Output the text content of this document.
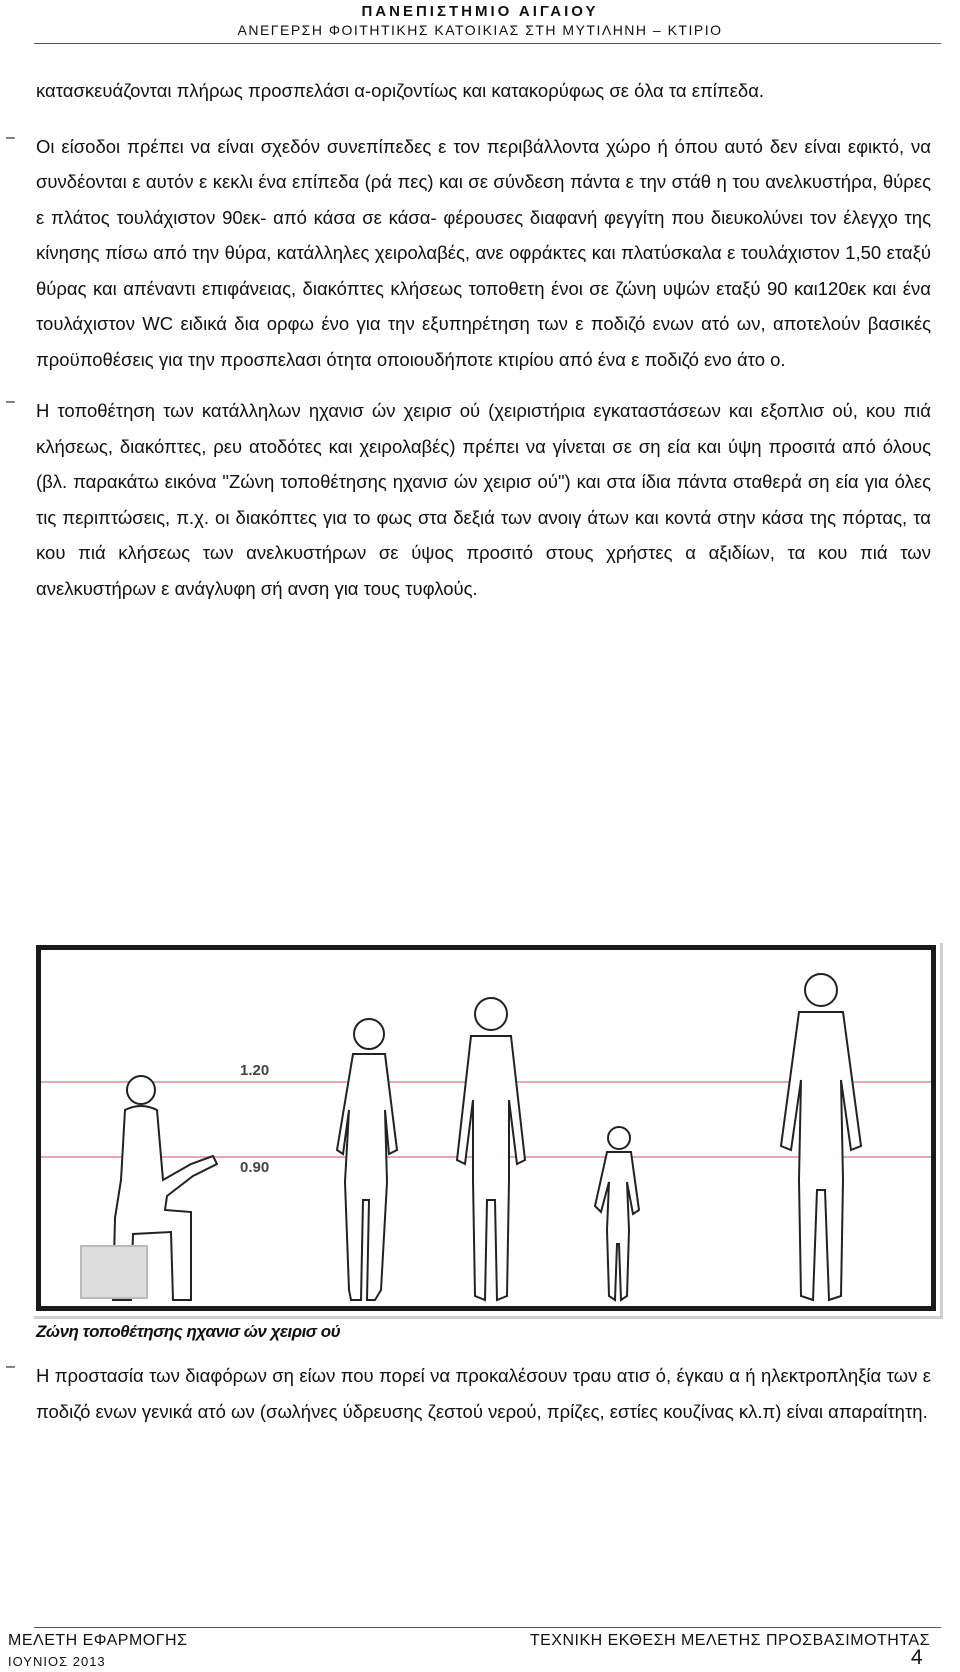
ΠΑΝΕΠΙΣΤΗΜΙΟ ΑΙΓΑΙΟΥ
ΑΝΕΓΕΡΣΗ ΦΟΙΤΗΤΙΚΗΣ ΚΑΤΟΙΚΙΑΣ ΣΤΗ ΜΥΤΙΛΗΝΗ – ΚΤΙΡΙΟ

κατασκευάζονται πλήρως προσπελάσι α-οριζοντίως και κατακορύφως σε όλα τα επίπεδα.

–	Οι είσοδοι πρέπει να είναι σχεδόν συνεπίπεδες ε τον περιβάλλοντα χώρο ή όπου αυτό δεν είναι εφικτό, να συνδέονται ε αυτόν ε κεκλι ένα επίπεδα (ρά πες) και σε σύνδεση πάντα ε την στάθ η του ανελκυστήρα, θύρες ε πλάτος τουλάχιστον 90εκ- από κάσα σε κάσα- φέρουσες διαφανή φεγγίτη που διευκολύνει τον έλεγχο της κίνησης πίσω από την θύρα, κατάλληλες χειρολαβές, ανε οφράκτες και πλατύσκαλα ε τουλάχιστον 1,50 εταξύ θύρας και απέναντι επιφάνειας, διακόπτες κλήσεως τοποθετη ένοι σε ζώνη υψών εταξύ 90 και120εκ και ένα τουλάχιστον WC ειδικά δια ορφω ένο για την εξυπηρέτηση των ε ποδιζό ενων ατό ων, αποτελούν βασικές προϋποθέσεις για την προσπελασι ότητα οποιουδήποτε κτιρίου από ένα ε ποδιζό ενο άτο ο.

–	Η τοποθέτηση των κατάλληλων ηχανισ ών χειρισ ού (χειριστήρια εγκαταστάσεων και εξοπλισ ού, κου πιά κλήσεως, διακόπτες, ρευ ατοδότες και χειρολαβές) πρέπει να γίνεται σε ση εία και ύψη προσιτά από όλους (βλ. παρακάτω εικόνα "Ζώνη τοποθέτησης ηχανισ ών χειρισ ού") και στα ίδια πάντα σταθερά ση εία για όλες τις περιπτώσεις, π.χ. οι διακόπτες για το φως στα δεξιά των ανοιγ άτων και κοντά στην κάσα της πόρτας, τα κου πιά κλήσεως των ανελκυστήρων σε ύψος προσιτό στους χρήστες α αξιδίων, τα κου πιά των ανελκυστήρων ε ανάγλυφη σή ανση για τους τυφλούς.

1.20
0.90
Ζώνη τοποθέτησης ηχανισ ών χειρισ ού
–	Η προστασία των διαφόρων ση είων που πορεί να προκαλέσουν τραυ ατισ ό, έγκαυ α ή ηλεκτροπληξία των ε ποδιζό ενων γενικά ατό ων (σωλήνες ύδρευσης ζεστού νερού, πρίζες, εστίες κουζίνας κλ.π) είναι απαραίτητη.

ΜΕΛΕΤΗ ΕΦΑΡΜΟΓΗΣ	ΤΕΧΝΙΚΗ ΕΚΘΕΣΗ ΜΕΛΕΤΗΣ ΠΡΟΣΒΑΣΙΜΟΤΗΤΑΣ
ΙΟΥΝΙΟΣ 2013	4
